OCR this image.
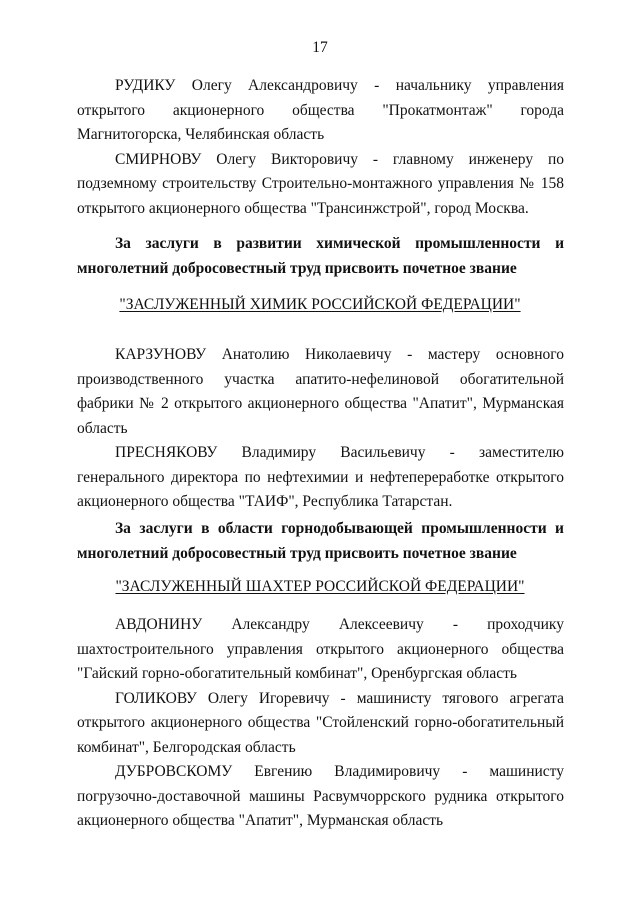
17

РУДИКУ Олегу Александровичу - начальнику управления открытого акционерного общества "Прокатмонтаж" города Магнитогорска, Челябинская область

СМИРНОВУ Олегу Викторовичу - главному инженеру по подземному строительству Строительно-монтажного управления № 158 открытого акционерного общества "Трансинжстрой", город Москва.

За заслуги в развитии химической промышленности и многолетний добросовестный труд присвоить почетное звание

"ЗАСЛУЖЕННЫЙ ХИМИК РОССИЙСКОЙ ФЕДЕРАЦИИ"

КАРЗУНОВУ Анатолию Николаевичу - мастеру основного производственного участка апатито-нефелиновой обогатительной фабрики № 2 открытого акционерного общества "Апатит", Мурманская область

ПРЕСНЯКОВУ Владимиру Васильевичу - заместителю генерального директора по нефтехимии и нефтепереработке открытого акционерного общества "ТАИФ", Республика Татарстан.

За заслуги в области горнодобывающей промышленности и многолетний добросовестный труд присвоить почетное звание

"ЗАСЛУЖЕННЫЙ ШАХТЕР РОССИЙСКОЙ ФЕДЕРАЦИИ"

АВДОНИНУ Александру Алексеевичу - проходчику шахтостроительного управления открытого акционерного общества "Гайский горно-обогатительный комбинат", Оренбургская область

ГОЛИКОВУ Олегу Игоревичу - машинисту тягового агрегата открытого акционерного общества "Стойленский горно-обогатительный комбинат", Белгородская область

ДУБРОВСКОМУ Евгению Владимировичу - машинисту погрузочно-доставочной машины Расвумчоррского рудника открытого акционерного общества "Апатит", Мурманская область
